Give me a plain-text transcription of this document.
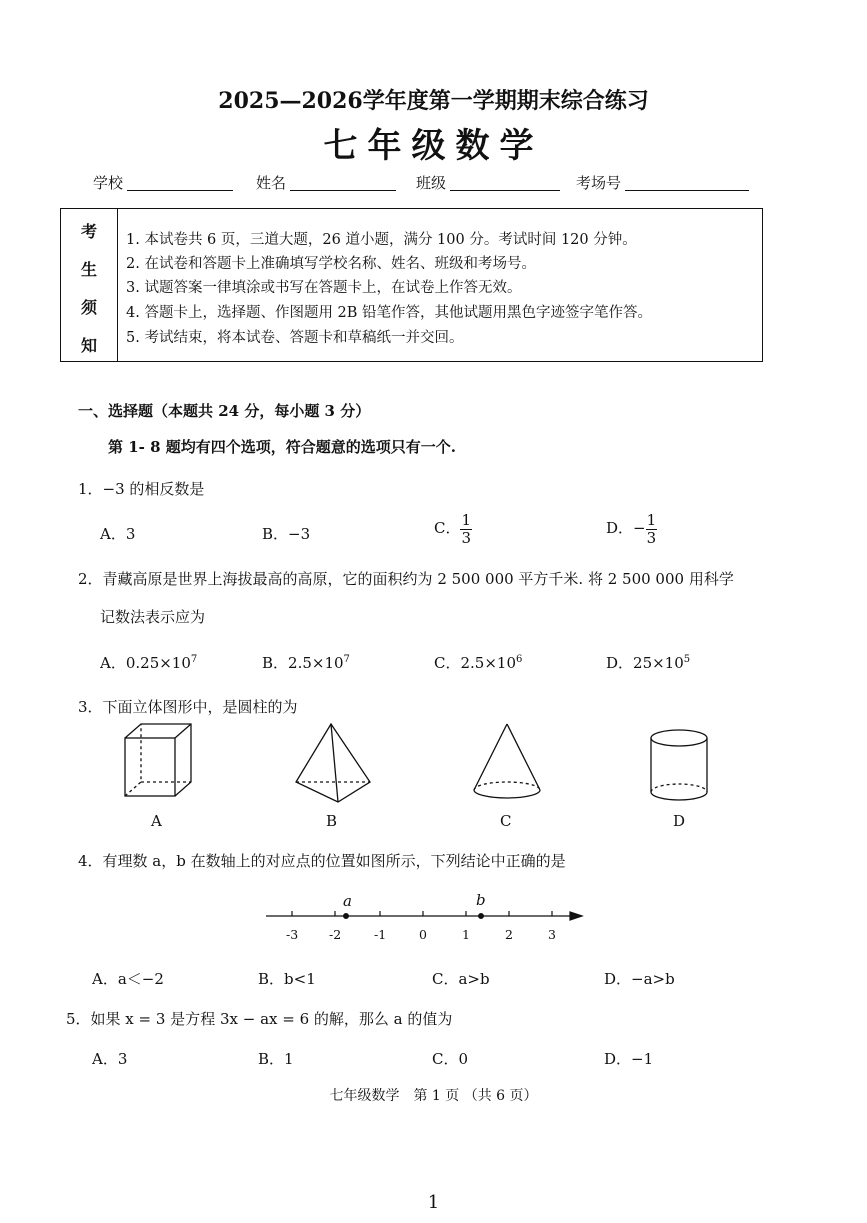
2025—2026学年度第一学期期末综合练习
七年级数学
学校	姓名	班级	考场号
考
生
须
知
1. 本试卷共 6 页，三道大题，26 道小题，满分 100 分。考试时间 120 分钟。
2. 在试卷和答题卡上准确填写学校名称、姓名、班级和考场号。
3. 试题答案一律填涂或书写在答题卡上，在试卷上作答无效。
4. 答题卡上，选择题、作图题用 2B 铅笔作答，其他试题用黑色字迹签字笔作答。
5. 考试结束，将本试卷、答题卡和草稿纸一并交回。
一、选择题（本题共 24 分，每小题 3 分）
第 1- 8 题均有四个选项，符合题意的选项只有一个.
1．−3 的相反数是
A．3	B．−3	C． $\frac{1}{3}$	D．− $\frac{1}{3}$
2．青藏高原是世界上海拔最高的高原，它的面积约为 2 500 000 平方千米. 将 2 500 000 用科学
记数法表示应为
A．$0.25\times 10^7$	B．$2.5\times 10^7$	C．$2.5\times 10^6$	D．$25\times 10^5$
3．下面立体图形中，是圆柱的为
A	B	C	D
4．有理数 a，b 在数轴上的对应点的位置如图所示，下列结论中正确的是
a	b
-3 -2	-1	0	1	2	3
A．a＜−2	B．b<1	C．a>b	D．−a>b
5．如果 x = 3 是方程 3x − ax = 6 的解，那么 a 的值为
A．3	B．1	C．0	D．−1
七年级数学　第 1 页 （共 6 页）
1
